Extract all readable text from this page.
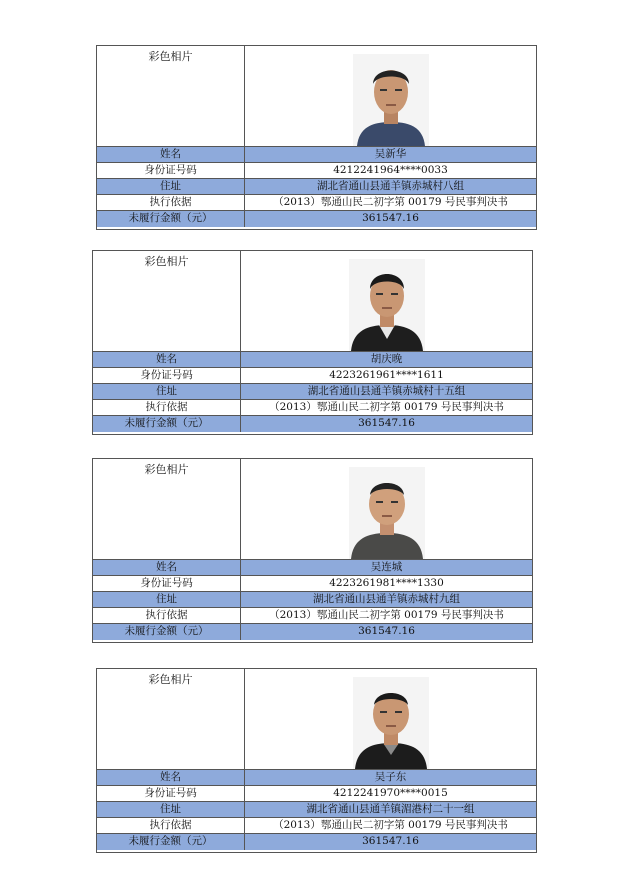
彩色相片
姓名	吴新华
身份证号码	4212241964****0033
住址	湖北省通山县通羊镇赤城村八组
执行依据	（2013）鄂通山民二初字第 00179 号民事判决书
未履行金额（元）	361547.16
彩色相片
姓名	胡庆晚
身份证号码	4223261961****1611
住址	湖北省通山县通羊镇赤城村十五组
执行依据	（2013）鄂通山民二初字第 00179 号民事判决书
未履行金额（元）	361547.16
彩色相片
姓名	吴连城
身份证号码	4223261981****1330
住址	湖北省通山县通羊镇赤城村九组
执行依据	（2013）鄂通山民二初字第 00179 号民事判决书
未履行金额（元）	361547.16
彩色相片
姓名	吴子东
身份证号码	4212241970****0015
住址	湖北省通山县通羊镇湄港村二十一组
执行依据	（2013）鄂通山民二初字第 00179 号民事判决书
未履行金额（元）	361547.16
